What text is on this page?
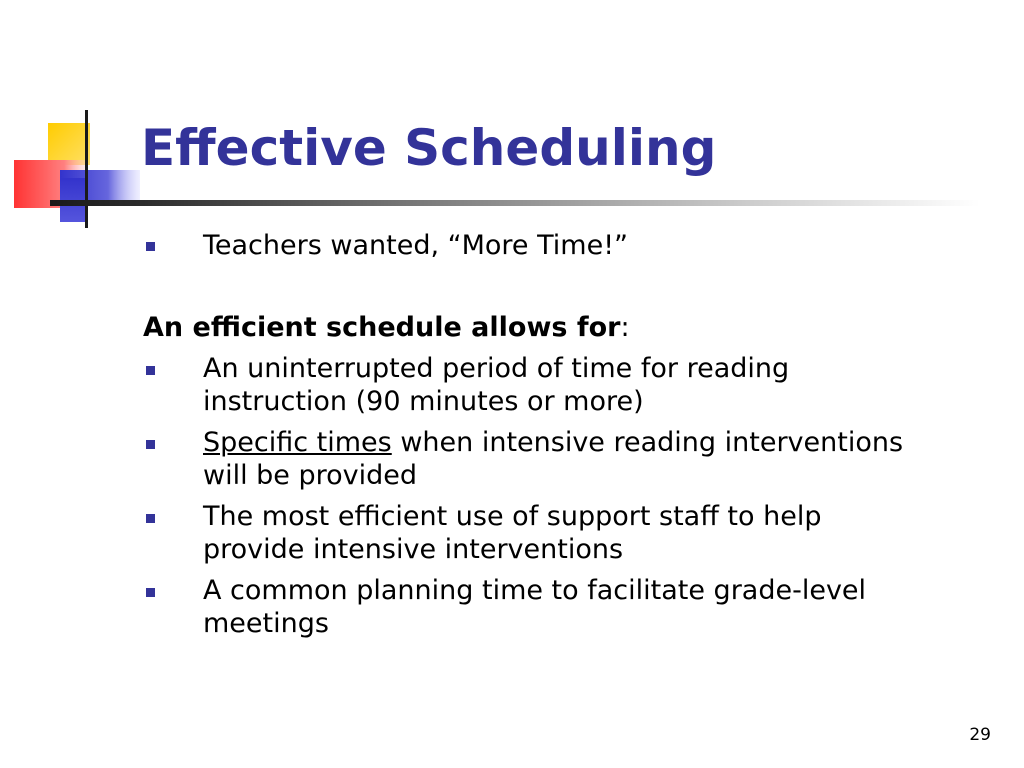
Effective Scheduling
Teachers wanted, “More Time!”
An efficient schedule allows for:
An uninterrupted period of time for reading
instruction (90 minutes or more)
Specific times when intensive reading interventions
will be provided
The most efficient use of support staff to help
provide intensive interventions
A common planning time to facilitate grade-level
meetings
29
